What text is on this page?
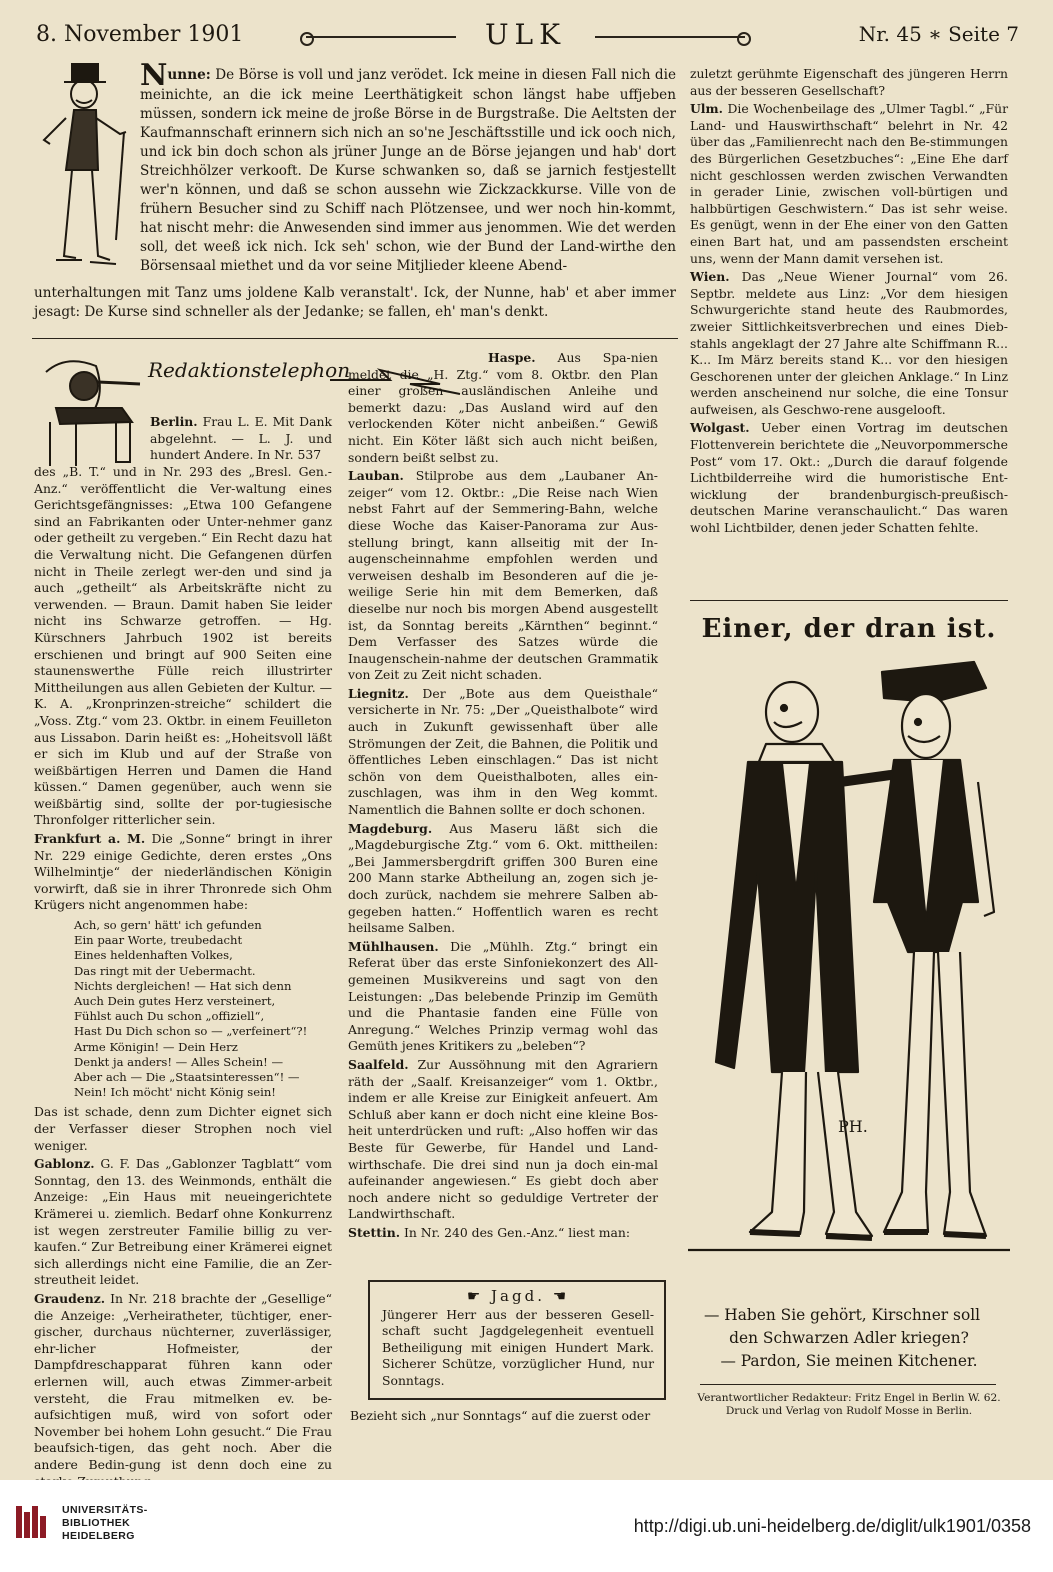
8. November 1901	ULK	Nr. 45 ∗ Seite 7

Nunne: De Börse is voll und janz verödet. Ick meine in diesen Fall nich die meinichte, an die ick meine Leerthätigkeit schon längst habe uffjeben müssen, sondern ick meine de jroße Börse in de Burgstraße. Die Aeltsten der Kaufmannschaft erinnern sich nich an so'ne Jeschäftsstille und ick ooch nich, und ick bin doch schon als jrüner Junge an de Börse jejangen und hab' dort Streichhölzer verkooft. De Kurse schwanken so, daß se jarnich festjestellt wer'n können, und daß se schon aussehn wie Zickzackkurse. Ville von de frühern Besucher sind zu Schiff nach Plötzensee, und wer noch hin-kommt, hat nischt mehr: die Anwesenden sind immer aus jenommen. Wie det werden soll, det weeß ick nich. Ick seh' schon, wie der Bund der Land-wirthe den Börsensaal miethet und da vor seine Mitjlieder kleene Abend-

unterhaltungen mit Tanz ums joldene Kalb veranstalt'. Ick, der Nunne, hab' et aber immer jesagt: De Kurse sind schneller als der Jedanke; se fallen, eh' man's denkt.

Redaktionstelephon

Berlin. Frau L. E. Mit Dank abgelehnt. — L. J. und hundert Andere. In Nr. 537

des „B. T.“ und in Nr. 293 des „Bresl. Gen.-Anz.“ veröffentlicht die Ver-waltung eines Gerichtsgefängnisses: „Etwa 100 Gefangene sind an Fabrikanten oder Unter-nehmer ganz oder getheilt zu vergeben.“ Ein Recht dazu hat die Verwaltung nicht. Die Gefangenen dürfen nicht in Theile zerlegt wer-den und sind ja auch „getheilt“ als Arbeitskräfte nicht zu verwenden. — Braun. Damit haben Sie leider nicht ins Schwarze getroffen. — Hg. Kürschners Jahrbuch 1902 ist bereits erschienen und bringt auf 900 Seiten eine staunenswerthe Fülle reich illustrirter Mittheilungen aus allen Gebieten der Kultur. — K. A. „Kronprinzen-streiche“ schildert die „Voss. Ztg.“ vom 23. Oktbr. in einem Feuilleton aus Lissabon. Darin heißt es: „Hoheitsvoll läßt er sich im Klub und auf der Straße von weißbärtigen Herren und Damen die Hand küssen.“ Damen gegenüber, auch wenn sie weißbärtig sind, sollte der por-tugiesische Thronfolger ritterlicher sein.

Frankfurt a. M. Die „Sonne“ bringt in ihrer Nr. 229 einige Gedichte, deren erstes „Ons Wilhelmintje“ der niederländischen Königin vorwirft, daß sie in ihrer Thronrede sich Ohm Krügers nicht angenommen habe:

Ach, so gern' hätt' ich gefunden
Ein paar Worte, treubedacht
Eines heldenhaften Volkes,
Das ringt mit der Uebermacht.
Nichts dergleichen! — Hat sich denn
Auch Dein gutes Herz versteinert,
Fühlst auch Du schon „offiziell“,
Hast Du Dich schon so — „verfeinert“?!
Arme Königin! — Dein Herz
Denkt ja anders! — Alles Schein! —
Aber ach — Die „Staatsinteressen“! —
Nein! Ich möcht' nicht König sein!

Das ist schade, denn zum Dichter eignet sich der Verfasser dieser Strophen noch viel weniger.

Gablonz. G. F. Das „Gablonzer Tagblatt“ vom Sonntag, den 13. des Weinmonds, enthält die Anzeige: „Ein Haus mit neueingerichtete Krämerei u. ziemlich. Bedarf ohne Konkurrenz ist wegen zerstreuter Familie billig zu ver-kaufen.“ Zur Betreibung einer Krämerei eignet sich allerdings nicht eine Familie, die an Zer-streutheit leidet.

Graudenz. In Nr. 218 brachte der „Gesellige“ die Anzeige: „Verheiratheter, tüchtiger, ener-gischer, durchaus nüchterner, zuverlässiger, ehr-licher Hofmeister, der Dampfdreschapparat führen kann oder erlernen will, auch etwas Zimmer-arbeit versteht, die Frau mitmelken ev. be-aufsichtigen muß, wird von sofort oder November bei hohem Lohn gesucht.“ Die Frau beaufsich-tigen, das geht noch. Aber die andere Bedin-gung ist denn doch eine zu

Haspe. Aus Spa-nien meldet die „H. Ztg.“ vom 8. Oktbr. den Plan einer großen ausländischen Anleihe und bemerkt dazu: „Das Ausland wird auf den verlockenden Köter nicht anbeißen.“ Gewiß nicht. Ein Köter läßt sich auch nicht beißen, sondern beißt selbst zu.

Lauban. Stilprobe aus dem „Laubaner An-zeiger“ vom 12. Oktbr.: „Die Reise nach Wien nebst Fahrt auf der Semmering-Bahn, welche diese Woche das Kaiser-Panorama zur Aus-stellung bringt, kann allseitig mit der In-augenscheinnahme empfohlen werden und verweisen deshalb im Besonderen auf die je-weilige Serie hin mit dem Bemerken, daß dieselbe nur noch bis morgen Abend ausgestellt ist, da Sonntag bereits „Kärnthen“ beginnt.“ Dem Verfasser des Satzes würde die Inaugenschein-nahme der deutschen Grammatik von Zeit zu Zeit nicht schaden.

Liegnitz. Der „Bote aus dem Queisthale“ versicherte in Nr. 75: „Der „Queisthalbote“ wird auch in Zukunft gewissenhaft über alle Strömungen der Zeit, die Bahnen, die Politik und öffentliches Leben einschlagen.“ Das ist nicht schön von dem Queisthalboten, alles ein-zuschlagen, was ihm in den Weg kommt. Namentlich die Bahnen sollte er doch schonen.

Magdeburg. Aus Maseru läßt sich die „Magdeburgische Ztg.“ vom 6. Okt. mittheilen: „Bei Jammersbergdrift griffen 300 Buren eine 200 Mann starke Abtheilung an, zogen sich je-doch zurück, nachdem sie mehrere Salben ab-gegeben hatten.“ Hoffentlich waren es recht heilsame Salben.

Mühlhausen. Die „Mühlh. Ztg.“ bringt ein Referat über das erste Sinfoniekonzert des All-gemeinen Musikvereins und sagt von den Leistungen: „Das belebende Prinzip im Gemüth und die Phantasie fanden eine Fülle von Anregung.“ Welches Prinzip vermag wohl das Gemüth jenes Kritikers zu „beleben“?

Saalfeld. Zur Aussöhnung mit den Agrariern räth der „Saalf. Kreisanzeiger“ vom 1. Oktbr., indem er alle Kreise zur Einigkeit anfeuert. Am Schluß aber kann er doch nicht eine kleine Bos-heit unterdrücken und ruft: „Also hoffen wir das Beste für Gewerbe, für Handel und Land-wirthschafe. Die drei sind nun ja doch ein-mal aufeinander angewiesen.“ Es giebt doch aber noch andere nicht so geduldige Vertreter der Landwirthschaft.

Stettin. In Nr. 240 des Gen.-Anz.“ liest man:

☛ Jagd. ☚
Jüngerer Herr aus der besseren Gesell-schaft sucht Jagdgelegenheit eventuell Betheiligung mit einigen Hundert Mark. Sicherer Schütze, vorzüglicher Hund, nur Sonntags.
Bezieht sich „nur Sonntags“ auf die zuerst oder

zuletzt gerühmte Eigenschaft des jüngeren Herrn aus der besseren Gesellschaft?

Ulm. Die Wochenbeilage des „Ulmer Tagbl.“ „Für Land- und Hauswirthschaft“ belehrt in Nr. 42 über das „Familienrecht nach den Be-stimmungen des Bürgerlichen Gesetzbuches“: „Eine Ehe darf nicht geschlossen werden zwischen Verwandten in gerader Linie, zwischen voll-bürtigen und halbbürtigen Geschwistern.“ Das ist sehr weise. Es genügt, wenn in der Ehe einer von den Gatten einen Bart hat, und am passendsten erscheint uns, wenn der Mann damit versehen ist.

Wien. Das „Neue Wiener Journal“ vom 26. Septbr. meldete aus Linz: „Vor dem hiesigen Schwurgerichte stand heute des Raubmordes, zweier Sittlichkeitsverbrechen und eines Dieb-stahls angeklagt der 27 Jahre alte Schiffmann R... K... Im März bereits stand K... vor den hiesigen Geschorenen unter der gleichen Anklage.“ In Linz werden anscheinend nur solche, die eine Tonsur aufweisen, als Geschwo-rene ausgelooft.

Wolgast. Ueber einen Vortrag im deutschen Flottenverein berichtete die „Neuvorpommersche Post“ vom 17. Okt.: „Durch die darauf folgende Lichtbilderreihe wird die humoristische Ent-wicklung der brandenburgisch-preußisch-deutschen Marine veranschaulicht.“ Das waren wohl Lichtbilder, denen jeder Schatten fehlte.

Einer, der dran ist.
PH.
— Haben Sie gehört, Kirschner soll
den Schwarzen Adler kriegen?
— Pardon, Sie meinen Kitchener.
Verantwortlicher Redakteur: Fritz Engel in Berlin W. 62.
Druck und Verlag von Rudolf Mosse in Berlin.
UNIVERSITÄTS-
BIBLIOTHEK
HEIDELBERG	http://digi.ub.uni-heidelberg.de/diglit/ulk1901/0358
